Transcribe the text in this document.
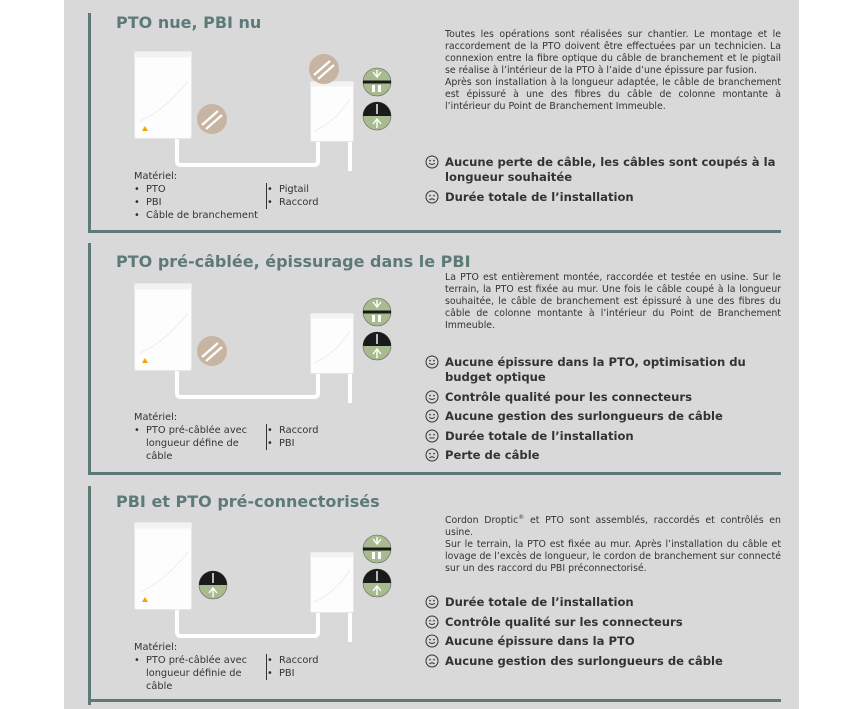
PTO nue, PBI nu
Matériel:
• PTO
• PBI
• Câble de branchement
• Pigtail
• Raccord

Toutes les opérations sont réalisées sur chantier. Le montage et le raccordement de la PTO doivent être effectuées par un technicien. La connexion entre la fibre optique du câble de branchement et le pigtail se réalise à l’intérieur de la PTO à l’aide d’une épissure par fusion.

Après son installation à la longueur adaptée, le câble de branchement est épissuré à une des fibres du câble de colonne montante à l’intérieur du Point de Branchement Immeuble.

Aucune perte de câble, les câbles sont coupés à la longueur souhaitée
Durée totale de l’installation
PTO pré-câblée, épissurage dans le PBI
Matériel:
• PTO pré-câblée avec longueur défine de câble
• Raccord
• PBI

La PTO est entièrement montée, raccordée et testée en usine. Sur le terrain, la PTO est fixée au mur. Une fois le câble coupé à la longueur souhaitée, le câble de branchement est épissuré à une des fibres du câble de colonne montante à l’intérieur du Point de Branchement Immeuble.

Aucune épissure dans la PTO, optimisation du budget optique
Contrôle qualité pour les connecteurs
Aucune gestion des surlongueurs de câble
Durée totale de l’installation
Perte de câble
PBI et PTO pré-connectorisés
Matériel:
• PTO pré-câblée avec longueur définie de câble
• Raccord
• PBI

Cordon Droptic® et PTO sont assemblés, raccordés et contrôlés en usine.

Sur le terrain, la PTO est fixée au mur. Après l’installation du câble et lovage de l’excès de longueur, le cordon de branchement sur connecté sur un des raccord du PBI préconnectorisé.

Durée totale de l’installation
Contrôle qualité sur les connecteurs
Aucune épissure dans la PTO
Aucune gestion des surlongueurs de câble
